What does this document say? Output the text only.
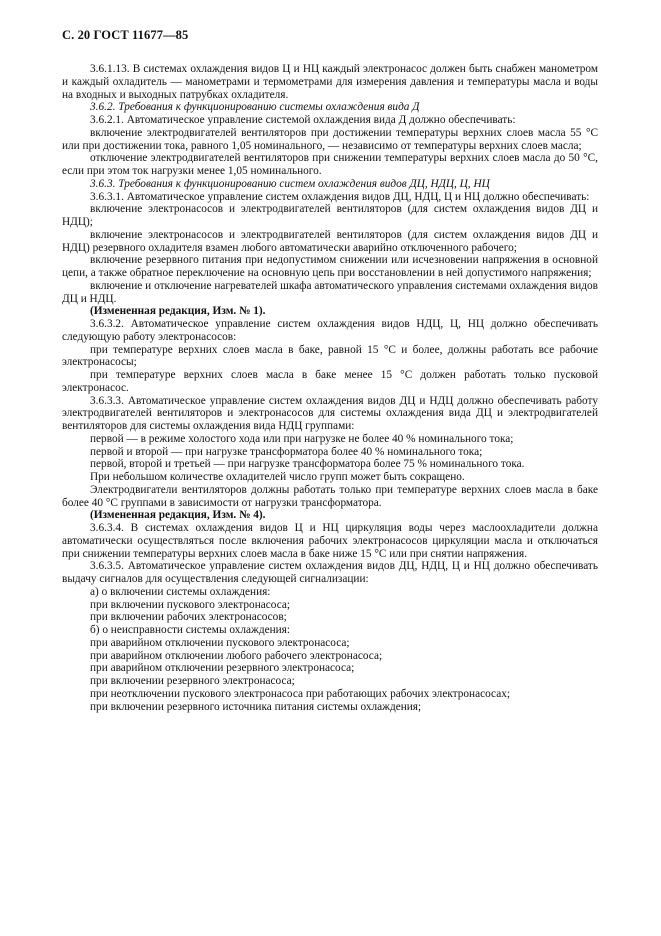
С. 20 ГОСТ 11677—85

3.6.1.13. В системах охлаждения видов Ц и НЦ каждый электронасос должен быть снабжен манометром и каждый охладитель — манометрами и термометрами для измерения давления и температуры масла и воды на входных и выходных патрубках охладителя.

3.6.2. Требования к функционированию системы охлаждения вида Д

3.6.2.1. Автоматическое управление системой охлаждения вида Д должно обеспечивать:

включение электродвигателей вентиляторов при достижении температуры верхних слоев масла 55 °С или при достижении тока, равного 1,05 номинального, — независимо от температуры верхних слоев масла;

отключение электродвигателей вентиляторов при снижении температуры верхних слоев масла до 50 °С, если при этом ток нагрузки менее 1,05 номинального.

3.6.3. Требования к функционированию систем охлаждения видов ДЦ, НДЦ, Ц, НЦ

3.6.3.1. Автоматическое управление систем охлаждения видов ДЦ, НДЦ, Ц и НЦ должно обеспечивать:

включение электронасосов и электродвигателей вентиляторов (для систем охлаждения видов ДЦ и НДЦ);

включение электронасосов и электродвигателей вентиляторов (для систем охлаждения видов ДЦ и НДЦ) резервного охладителя взамен любого автоматически аварийно отключенного рабочего;

включение резервного питания при недопустимом снижении или исчезновении напряжения в основной цепи, а также обратное переключение на основную цепь при восстановлении в ней допустимого напряжения;

включение и отключение нагревателей шкафа автоматического управления системами охлаждения видов ДЦ и НДЦ.

(Измененная редакция, Изм. № 1).

3.6.3.2. Автоматическое управление систем охлаждения видов НДЦ, Ц, НЦ должно обеспечивать следующую работу электронасосов:

при температуре верхних слоев масла в баке, равной 15 °С и более, должны работать все рабочие электронасосы;

при температуре верхних слоев масла в баке менее 15 °С должен работать только пусковой электронасос.

3.6.3.3. Автоматическое управление систем охлаждения видов ДЦ и НДЦ должно обеспечивать работу электродвигателей вентиляторов и электронасосов для системы охлаждения вида ДЦ и электродвигателей вентиляторов для системы охлаждения вида НДЦ группами:

первой — в режиме холостого хода или при нагрузке не более 40 % номинального тока;

первой и второй — при нагрузке трансформатора более 40 % номинального тока;

первой, второй и третьей — при нагрузке трансформатора более 75 % номинального тока.

При небольшом количестве охладителей число групп может быть сокращено.

Электродвигатели вентиляторов должны работать только при температуре верхних слоев масла в баке более 40 °С группами в зависимости от нагрузки трансформатора.

(Измененная редакция, Изм. № 4).

3.6.3.4. В системах охлаждения видов Ц и НЦ циркуляция воды через маслоохладители должна автоматически осуществляться после включения рабочих электронасосов циркуляции масла и отключаться при снижении температуры верхних слоев масла в баке ниже 15 °С или при снятии напряжения.

3.6.3.5. Автоматическое управление систем охлаждения видов ДЦ, НДЦ, Ц и НЦ должно обеспечивать выдачу сигналов для осуществления следующей сигнализации:

а) о включении системы охлаждения:

при включении пускового электронасоса;

при включении рабочих электронасосов;

б) о неисправности системы охлаждения:

при аварийном отключении пускового электронасоса;

при аварийном отключении любого рабочего электронасоса;

при аварийном отключении резервного электронасоса;

при включении резервного электронасоса;

при неотключении пускового электронасоса при работающих рабочих электронасосах;

при включении резервного источника питания системы охлаждения;
